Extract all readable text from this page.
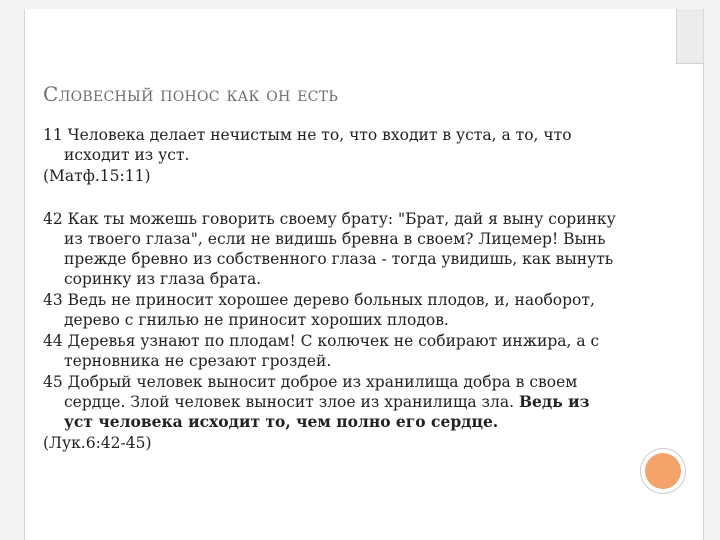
Словесный понос как он есть

11 Человека делает нечистым не то, что входит в уста, а то, что исходит из уст.

(Матф.15:11)

42 Как ты можешь говорить своему брату: "Брат, дай я выну соринку из твоего глаза", если не видишь бревна в своем? Лицемер! Вынь прежде бревно из собственного глаза - тогда увидишь, как вынуть соринку из глаза брата.

43 Ведь не приносит хорошее дерево больных плодов, и, наоборот, дерево с гнилью не приносит хороших плодов.

44 Деревья узнают по плодам! С колючек не собирают инжира, а с терновника не срезают гроздей.

45 Добрый человек выносит доброе из хранилища добра в своем сердце. Злой человек выносит злое из хранилища зла. Ведь из уст человека исходит то, чем полно его сердце.

(Лук.6:42-45)
